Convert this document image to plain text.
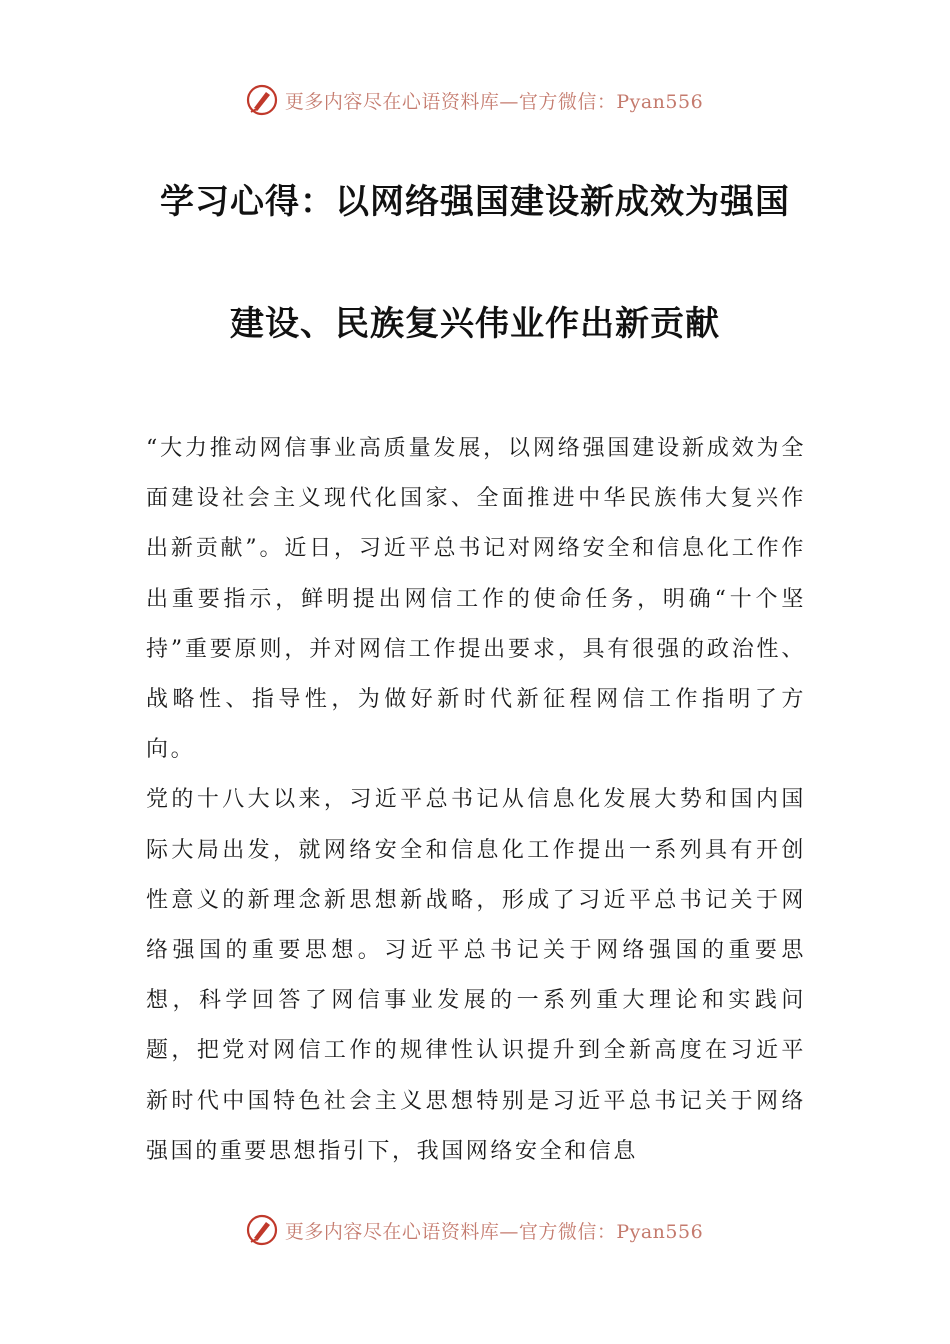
更多内容尽在心语资料库—官方微信：Pyan556
学习心得：以网络强国建设新成效为强国
建设、民族复兴伟业作出新贡献

“大力推动网信事业高质量发展，以网络强国建设新成效为全面建设社会主义现代化国家、全面推进中华民族伟大复兴作出新贡献”。近日，习近平总书记对网络安全和信息化工作作出重要指示，鲜明提出网信工作的使命任务，明确“十个坚持”重要原则，并对网信工作提出要求，具有很强的政治性、战略性、指导性，为做好新时代新征程网信工作指明了方向。

党的十八大以来，习近平总书记从信息化发展大势和国内国际大局出发，就网络安全和信息化工作提出一系列具有开创性意义的新理念新思想新战略，形成了习近平总书记关于网络强国的重要思想。习近平总书记关于网络强国的重要思想，科学回答了网信事业发展的一系列重大理论和实践问题，把党对网信工作的规律性认识提升到全新高度在习近平新时代中国特色社会主义思想特别是习近平总书记关于网络强国的重要思想指引下，我国网络安全和信息

更多内容尽在心语资料库—官方微信：Pyan556
